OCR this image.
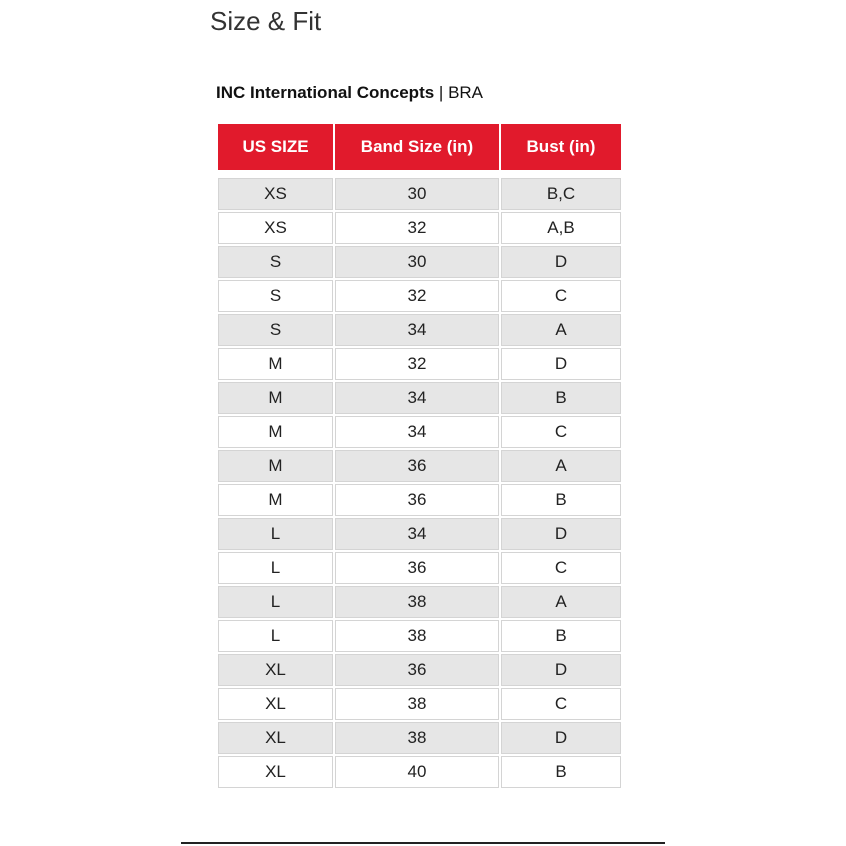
Size & Fit
INC International Concepts | BRA
US SIZE	Band Size (in)	Bust (in)

XS	30	B,C
XS	32	A,B
S	30	D
S	32	C
S	34	A
M	32	D
M	34	B
M	34	C
M	36	A
M	36	B
L	34	D
L	36	C
L	38	A
L	38	B
XL	36	D
XL	38	C
XL	38	D
XL	40	B
